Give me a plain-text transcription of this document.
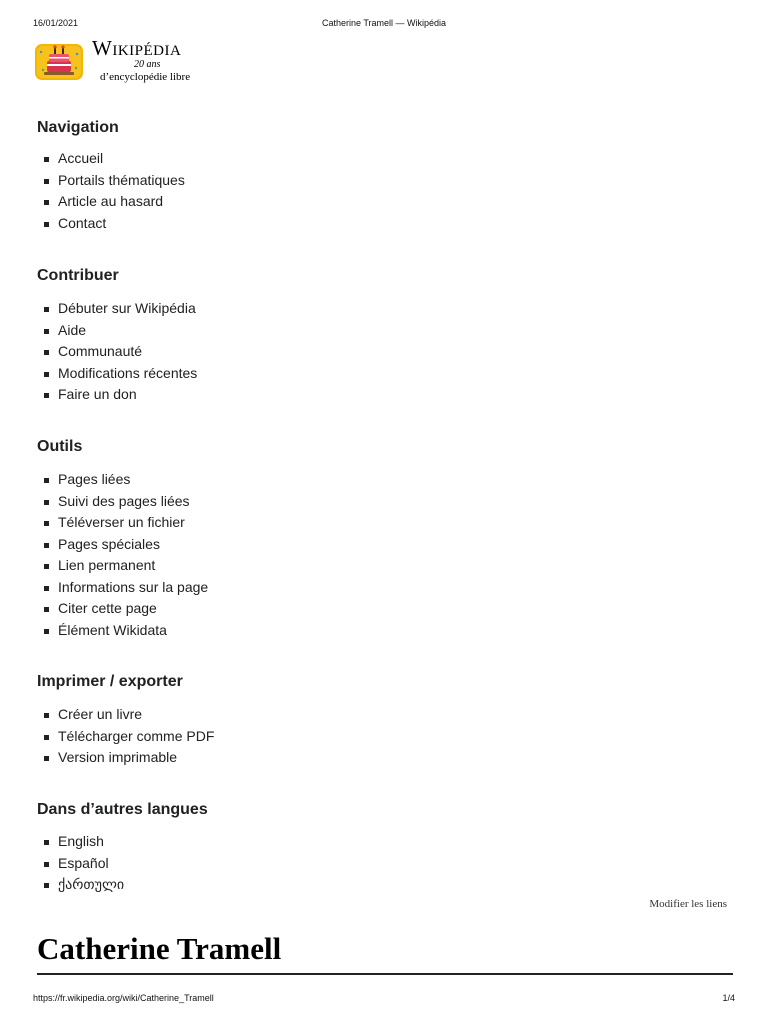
16/01/2021	Catherine Tramell — Wikipédia
Wikipédia
20 ans
d’encyclopédie libre
Navigation
Accueil
Portails thématiques
Article au hasard
Contact
Contribuer
Débuter sur Wikipédia
Aide
Communauté
Modifications récentes
Faire un don
Outils
Pages liées
Suivi des pages liées
Téléverser un fichier
Pages spéciales
Lien permanent
Informations sur la page
Citer cette page
Élément Wikidata
Imprimer / exporter
Créer un livre
Télécharger comme PDF
Version imprimable
Dans d’autres langues
English
Español
ქართული
Modifier les liens
Catherine Tramell
https://fr.wikipedia.org/wiki/Catherine_Tramell	1/4
